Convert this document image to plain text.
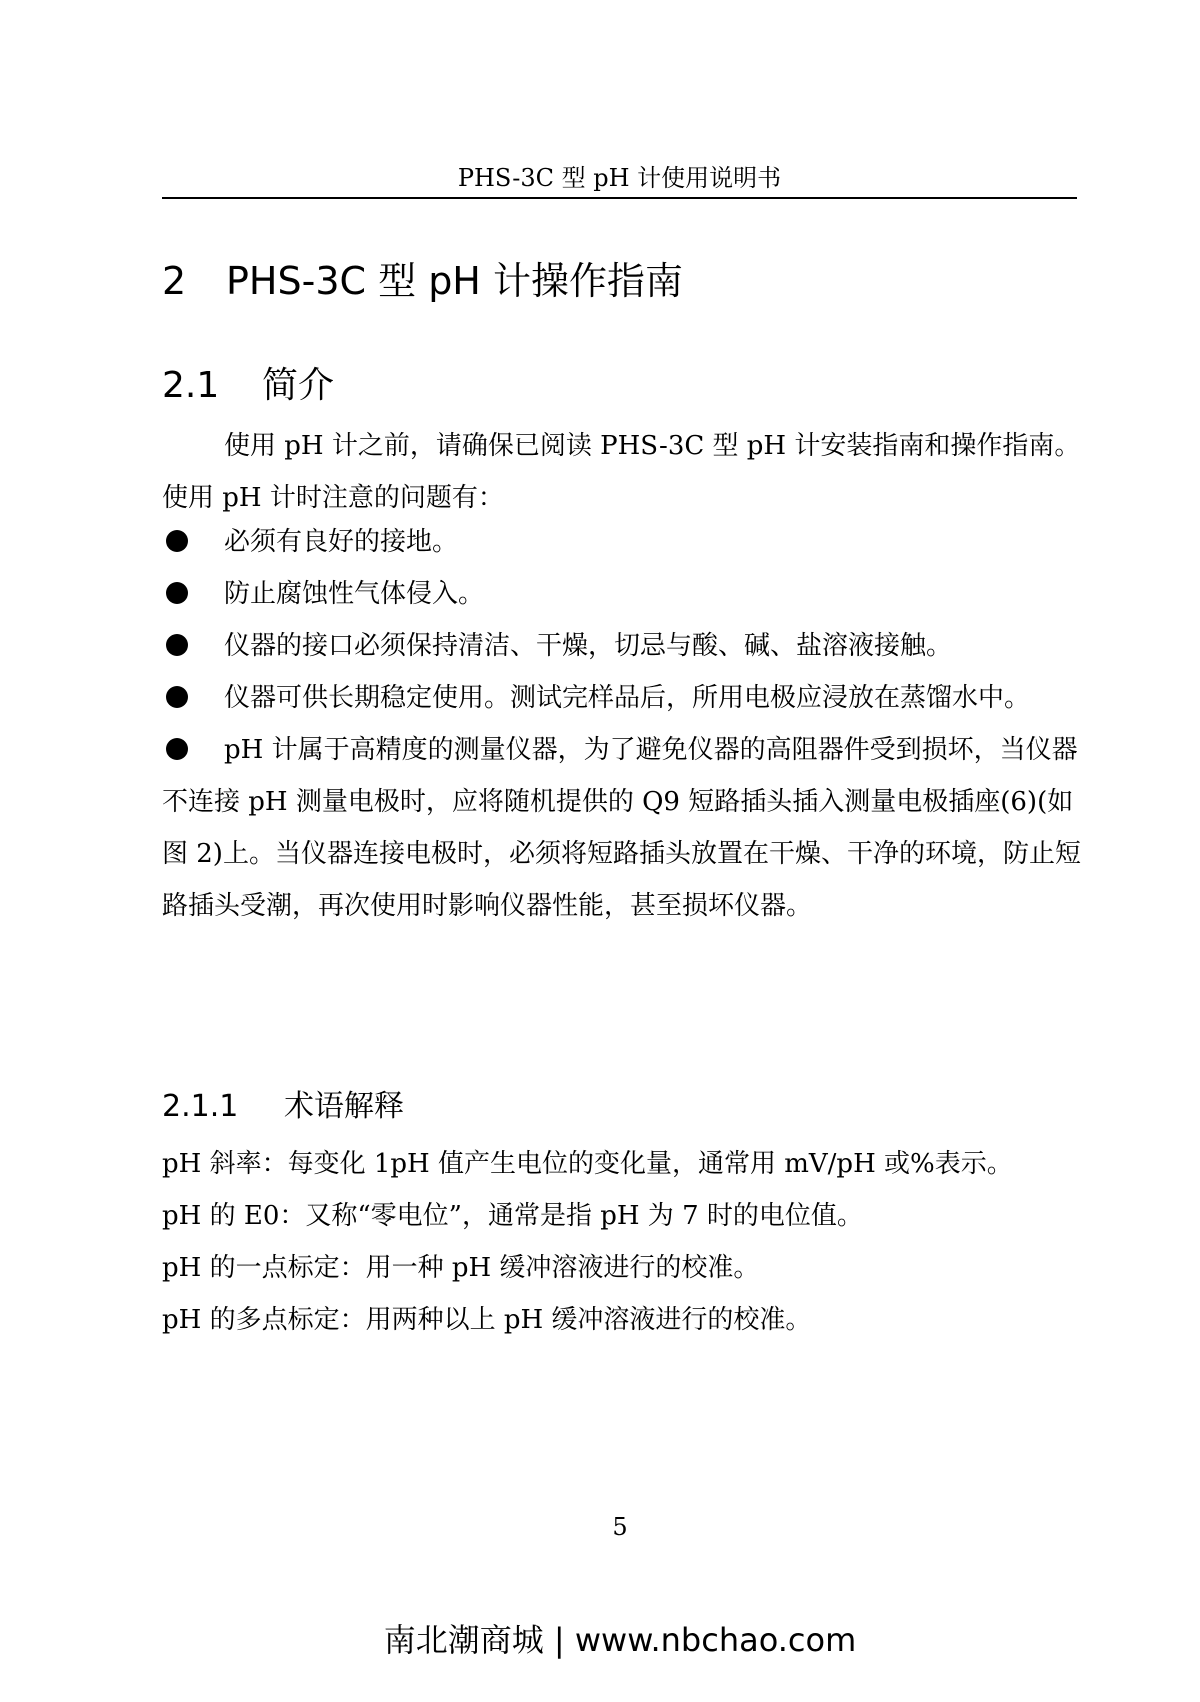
PHS-3C 型 pH 计使用说明书
2 PHS-3C 型 pH 计操作指南
2.1 简介

使用 pH 计之前，请确保已阅读 PHS-3C 型 pH 计安装指南和操作指南。使用 pH 计时注意的问题有：

必须有良好的接地。
防止腐蚀性气体侵入。
仪器的接口必须保持清洁、干燥，切忌与酸、碱、盐溶液接触。
仪器可供长期稳定使用。测试完样品后，所用电极应浸放在蒸馏水中。
pH 计属于高精度的测量仪器，为了避免仪器的高阻器件受到损坏，当仪器不连接 pH 测量电极时，应将随机提供的 Q9 短路插头插入测量电极插座(6)(如图 2)上。当仪器连接电极时，必须将短路插头放置在干燥、干净的环境，防止短路插头受潮，再次使用时影响仪器性能，甚至损坏仪器。
2.1.1 术语解释
pH 斜率：每变化 1pH 值产生电位的变化量，通常用 mV/pH 或%表示。
pH 的 E0：又称“零电位”，通常是指 pH 为 7 时的电位值。
pH 的一点标定：用一种 pH 缓冲溶液进行的校准。
pH 的多点标定：用两种以上 pH 缓冲溶液进行的校准。
5
南北潮商城 | www.nbchao.com
